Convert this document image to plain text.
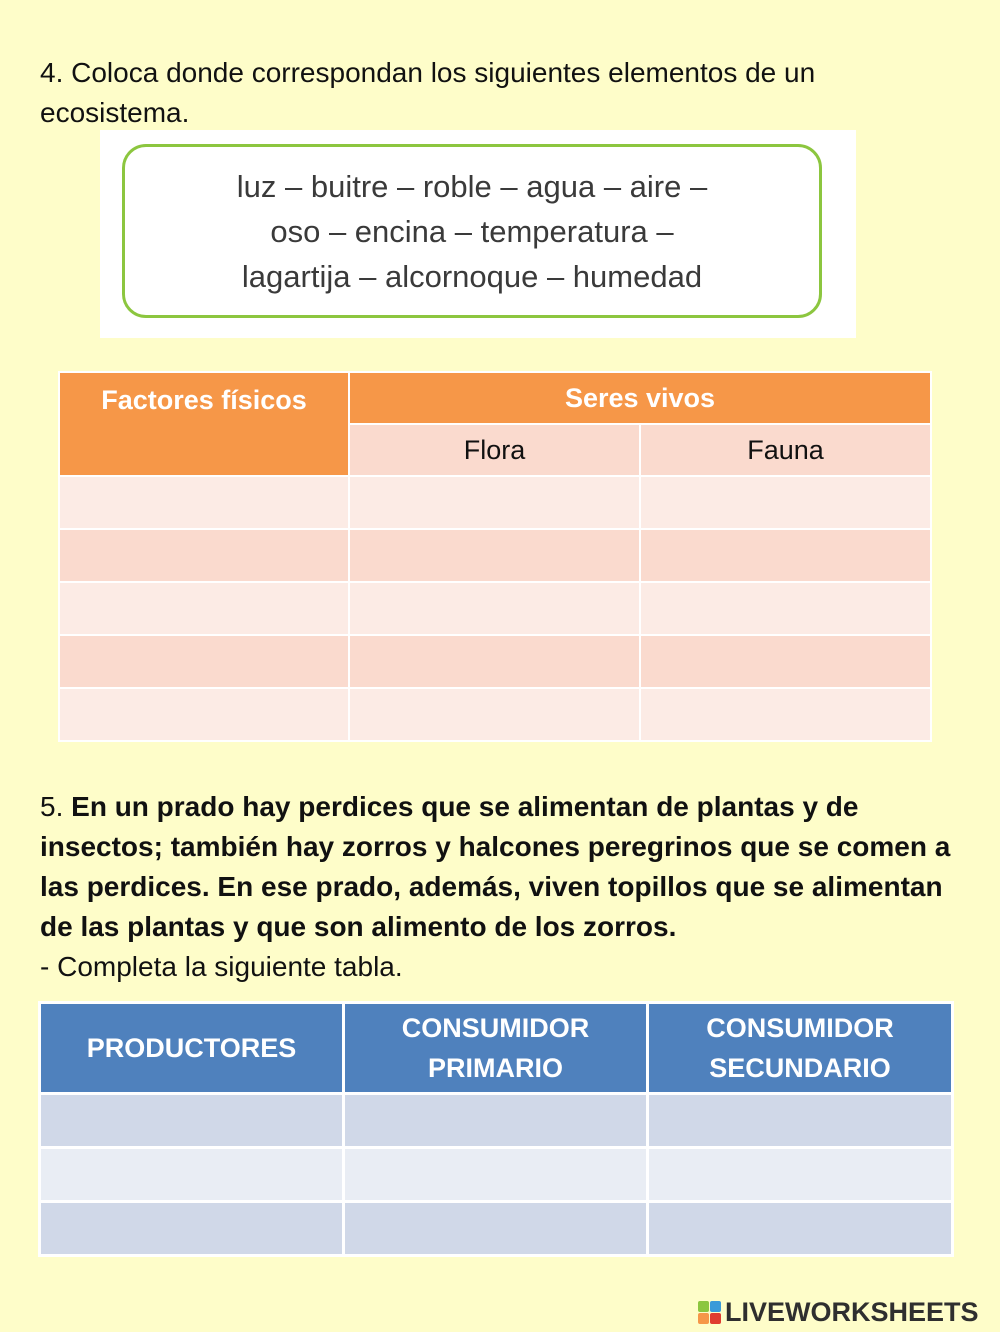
4. Coloca donde correspondan los siguientes elementos de un ecosistema.

luz – buitre – roble – agua – aire –
oso – encina – temperatura –
lagartija – alcornoque – humedad
Factores físicos	Seres vivos	
	Flora	Fauna

5. En un prado hay perdices que se alimentan de plantas y de insectos; también hay zorros y halcones peregrinos que se comen a las perdices. En ese prado, además, viven topillos que se alimentan de las plantas y que son alimento de los zorros.
- Completa la siguiente tabla.

PRODUCTORES	CONSUMIDOR PRIMARIO	CONSUMIDOR SECUNDARIO

LIVEWORKSHEETS
